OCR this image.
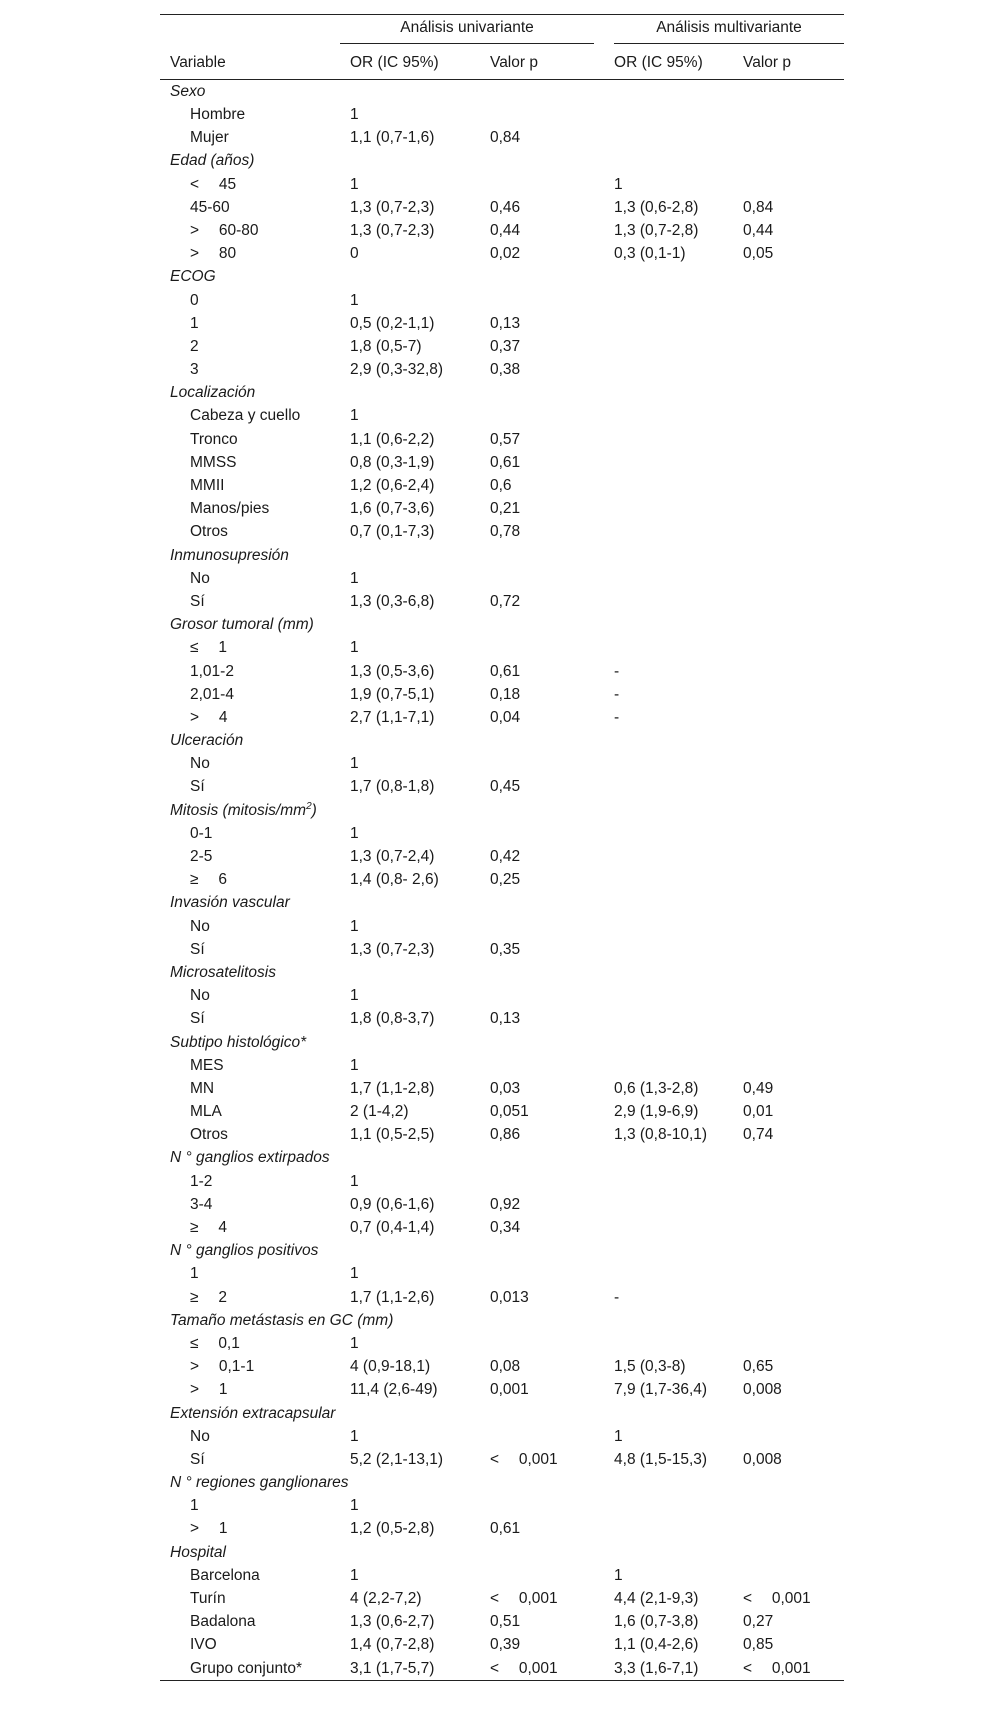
	Análisis univariante		Análisis multivariante	

Variable	OR (IC 95%)	Valor p	OR (IC 95%)	Valor p
Sexo				
Hombre	1			
Mujer	1,1 (0,7-1,6)	0,84		
Edad (años)				
<  45	1		1	
45-60	1,3 (0,7-2,3)	0,46	1,3 (0,6-2,8)	0,84
>  60-80	1,3 (0,7-2,3)	0,44	1,3 (0,7-2,8)	0,44
>  80	0	0,02	0,3 (0,1-1)	0,05
ECOG				
0	1			
1	0,5 (0,2-1,1)	0,13		
2	1,8 (0,5-7)	0,37		
3	2,9 (0,3-32,8)	0,38		
Localización				
Cabeza y cuello	1			
Tronco	1,1 (0,6-2,2)	0,57		
MMSS	0,8 (0,3-1,9)	0,61		
MMII	1,2 (0,6-2,4)	0,6		
Manos/pies	1,6 (0,7-3,6)	0,21		
Otros	0,7 (0,1-7,3)	0,78		
Inmunosupresión				
No	1			
Sí	1,3 (0,3-6,8)	0,72		
Grosor tumoral (mm)				
≤  1	1			
1,01-2	1,3 (0,5-3,6)	0,61	-	
2,01-4	1,9 (0,7-5,1)	0,18	-	
>  4	2,7 (1,1-7,1)	0,04	-	
Ulceración				
No	1			
Sí	1,7 (0,8-1,8)	0,45		
Mitosis $(mitosis/mm^2)$				
0-1	1			
2-5	1,3 (0,7-2,4)	0,42		
≥  6	1,4 (0,8- 2,6)	0,25		
Invasión vascular				
No	1			
Sí	1,3 (0,7-2,3)	0,35		
Microsatelitosis				
No	1			
Sí	1,8 (0,8-3,7)	0,13		
Subtipo histológico*				
MES	1			
MN	1,7 (1,1-2,8)	0,03	0,6 (1,3-2,8)	0,49
MLA	2 (1-4,2)	0,051	2,9 (1,9-6,9)	0,01
Otros	1,1 (0,5-2,5)	0,86	1,3 (0,8-10,1)	0,74
N ° ganglios extirpados				
1-2	1			
3-4	0,9 (0,6-1,6)	0,92		
≥  4	0,7 (0,4-1,4)	0,34		
N ° ganglios positivos				
1	1			
≥  2	1,7 (1,1-2,6)	0,013	-	
Tamaño metástasis en GC (mm)				
≤  0,1	1			
>  0,1-1	4 (0,9-18,1)	0,08	1,5 (0,3-8)	0,65
>  1	11,4 (2,6-49)	0,001	7,9 (1,7-36,4)	0,008
Extensión extracapsular				
No	1		1	
Sí	5,2 (2,1-13,1)	<  0,001	4,8 (1,5-15,3)	0,008
N ° regiones ganglionares				
1	1			
>  1	1,2 (0,5-2,8)	0,61		
Hospital				
Barcelona	1		1	
Turín	4 (2,2-7,2)	<  0,001	4,4 (2,1-9,3)	<  0,001
Badalona	1,3 (0,6-2,7)	0,51	1,6 (0,7-3,8)	0,27
IVO	1,4 (0,7-2,8)	0,39	1,1 (0,4-2,6)	0,85
Grupo conjunto*	3,1 (1,7-5,7)	<  0,001	3,3 (1,6-7,1)	<  0,001
